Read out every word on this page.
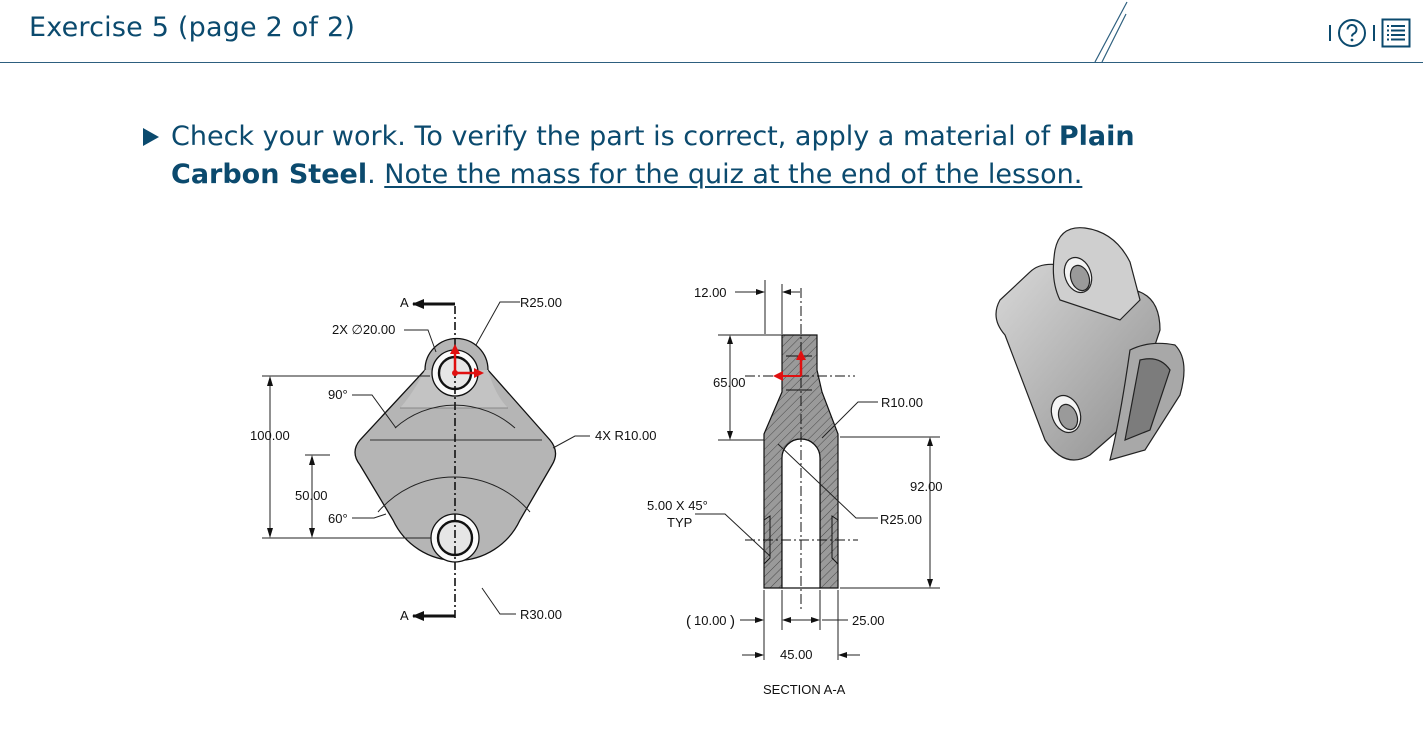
Exercise 5 (page 2 of 2)
Check your work. To verify the part is correct, apply a material of Plain Carbon Steel. Note the mass for the quiz at the end of the lesson.
A
A
R25.00
2X ∅20.00
90°
100.00	4X R10.00
50.00
60°
R30.00
12.00
65.00
R10.00
92.00
5.00 X 45°
TYP	R25.00
( 10.00 )	25.00
45.00
SECTION A-A
